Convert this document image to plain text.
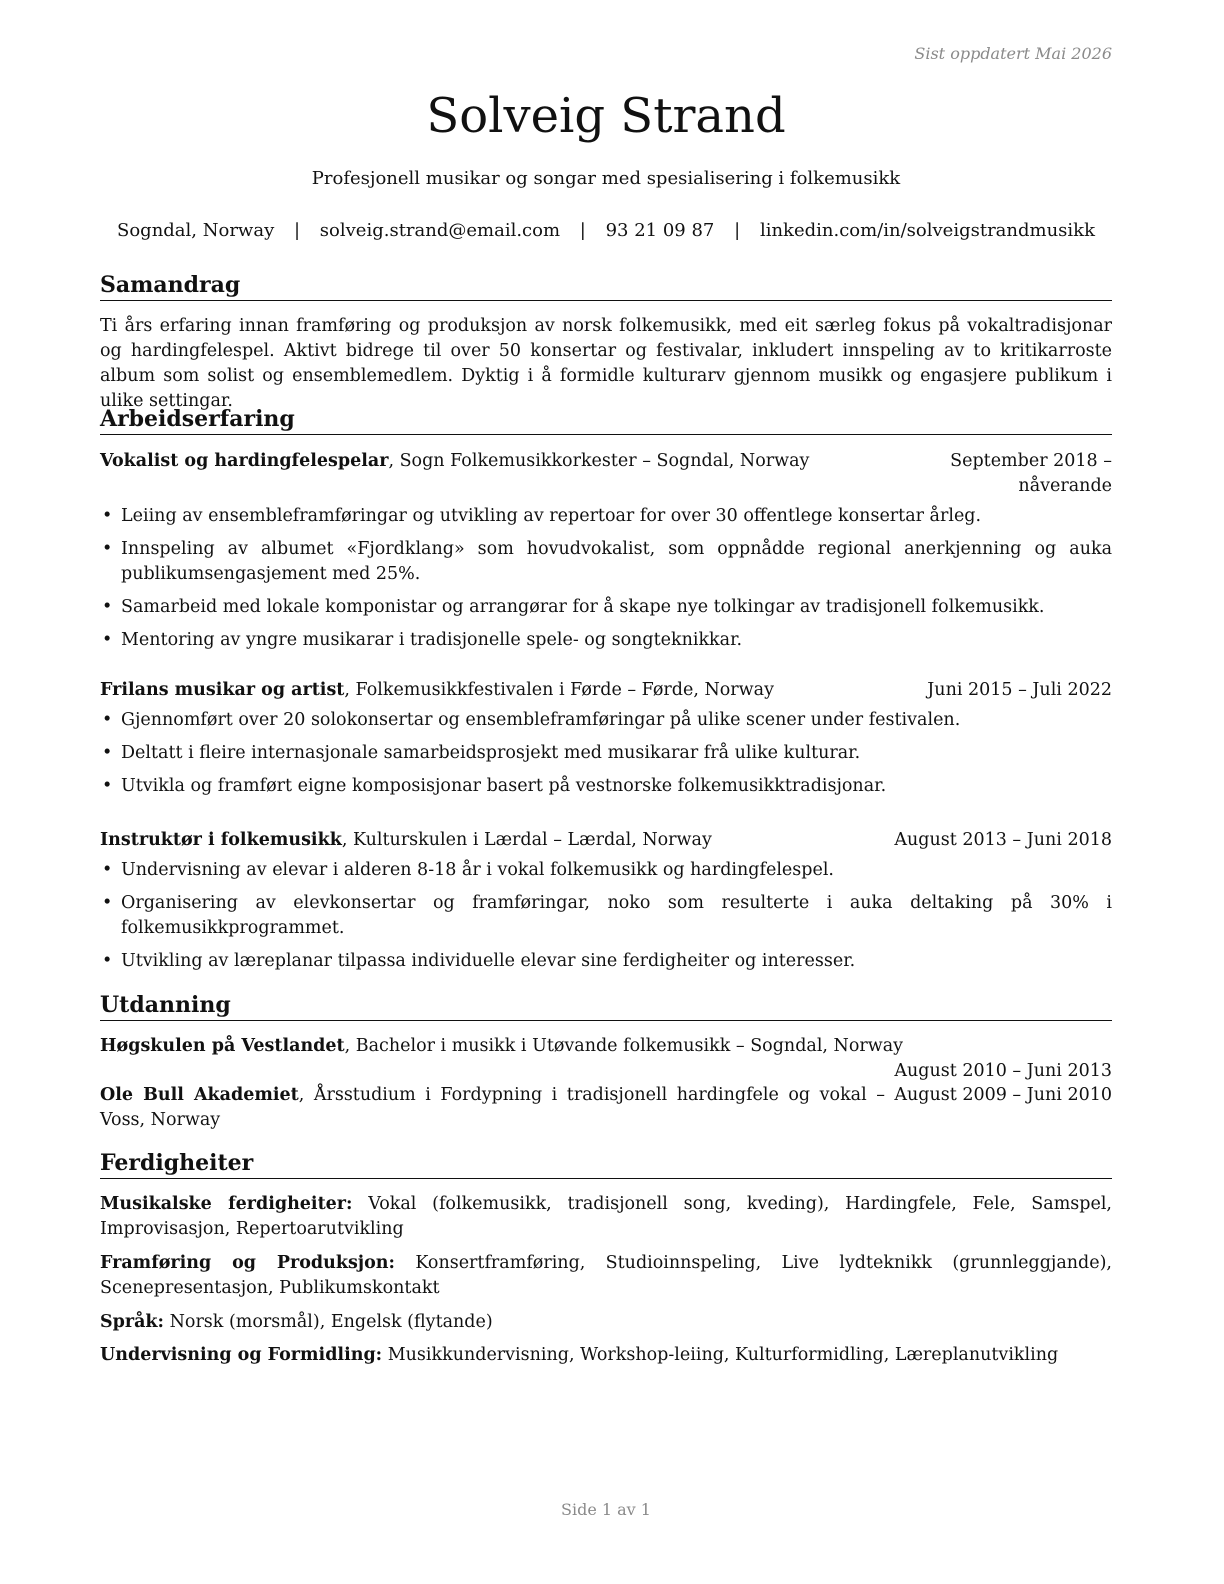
Sist oppdatert Mai 2026
Solveig Strand
Profesjonell musikar og songar med spesialisering i folkemusikk
Sogndal, Norway | solveig.strand@email.com | 93 21 09 87 | linkedin.com/in/solveigstrandmusikk
Samandrag

Ti års erfaring innan framføring og produksjon av norsk folkemusikk, med eit særleg fokus på vokaltradisjonar og hardingfelespel. Aktivt bidrege til over 50 konsertar og festivalar, inkludert innspeling av to kritikarroste album som solist og ensemblemedlem. Dyktig i å formidle kulturarv gjennom musikk og engasjere publikum i ulike settingar.

Arbeidserfaring
Vokalist og hardingfelespelar, Sogn Folkemusikkorkester – Sogndal, Norway	September 2018 – nåverande
• Leiing av ensembleframføringar og utvikling av repertoar for over 30 offentlege konsertar årleg.
• Innspeling av albumet «Fjordklang» som hovudvokalist, som oppnådde regional anerkjenning og auka publikumsengasjement med 25%.
• Samarbeid med lokale komponistar og arrangørar for å skape nye tolkingar av tradisjonell folkemusikk.
• Mentoring av yngre musikarar i tradisjonelle spele- og songteknikkar.
Frilans musikar og artist, Folkemusikkfestivalen i Førde – Førde, Norway	Juni 2015 – Juli 2022
• Gjennomført over 20 solokonsertar og ensembleframføringar på ulike scener under festivalen.
• Deltatt i fleire internasjonale samarbeidsprosjekt med musikarar frå ulike kulturar.
• Utvikla og framført eigne komposisjonar basert på vestnorske folkemusikktradisjonar.
Instruktør i folkemusikk, Kulturskulen i Lærdal – Lærdal, Norway	August 2013 – Juni 2018
• Undervisning av elevar i alderen 8-18 år i vokal folkemusikk og hardingfelespel.
• Organisering av elevkonsertar og framføringar, noko som resulterte i auka deltaking på 30% i folkemusikkprogrammet.
• Utvikling av læreplanar tilpassa individuelle elevar sine ferdigheiter og interesser.
Utdanning
Høgskulen på Vestlandet, Bachelor i musikk i Utøvande folkemusikk – Sogndal, Norway
August 2010 – Juni 2013
Ole Bull Akademiet, Årsstudium i Fordypning i tradisjonell hardingfele og vokal – Voss, Norway
August 2009 – Juni 2010
Ferdigheiter
Musikalske ferdigheiter: Vokal (folkemusikk, tradisjonell song, kveding), Hardingfele, Fele, Samspel, Improvisasjon, Repertoarutvikling
Framføring og Produksjon: Konsertframføring, Studioinnspeling, Live lydteknikk (grunnleggjande), Scenepresentasjon, Publikumskontakt
Språk: Norsk (morsmål), Engelsk (flytande)
Undervisning og Formidling: Musikkundervisning, Workshop-leiing, Kulturformidling, Læreplanutvikling
Side 1 av 1
